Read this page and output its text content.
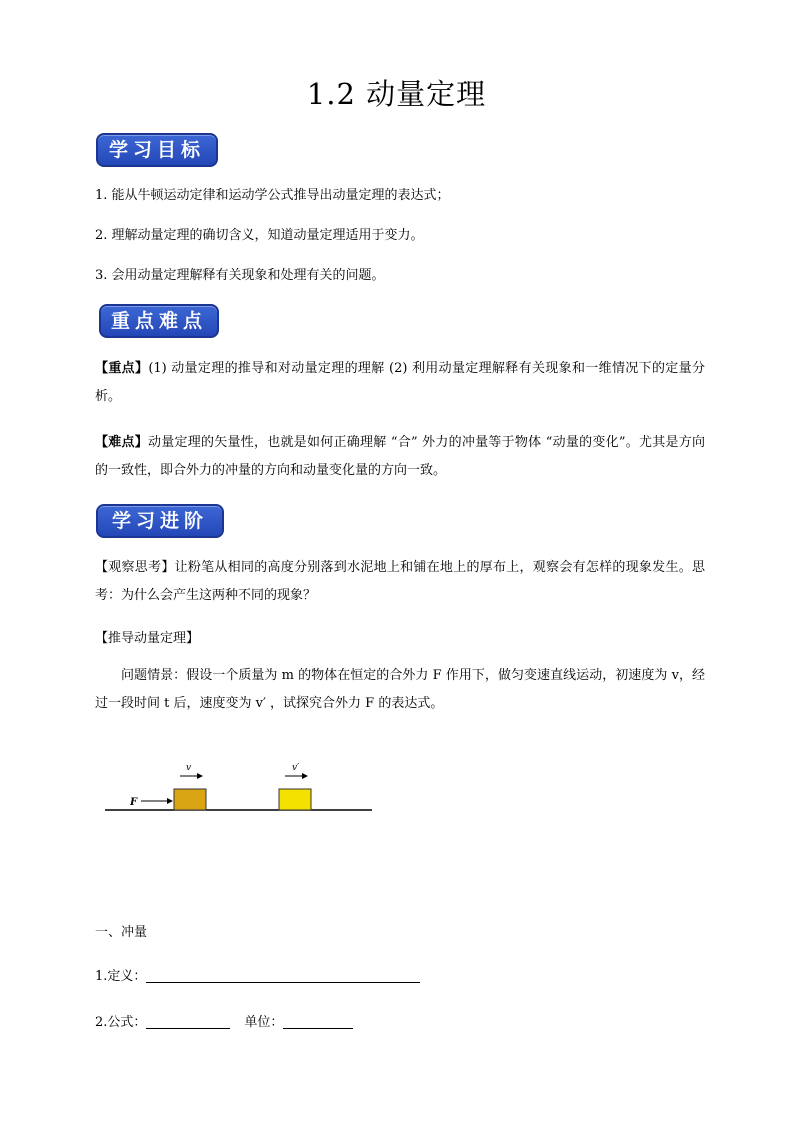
1.2 动量定理
学习目标
1. 能从牛顿运动定律和运动学公式推导出动量定理的表达式；
2. 理解动量定理的确切含义，知道动量定理适用于变力。
3. 会用动量定理解释有关现象和处理有关的问题。
重点难点
【重点】(1) 动量定理的推导和对动量定理的理解 (2) 利用动量定理解释有关现象和一维情况下的定量分析。
【难点】动量定理的矢量性，也就是如何正确理解 “合” 外力的冲量等于物体 “动量的变化”。尤其是方向的一致性，即合外力的冲量的方向和动量变化量的方向一致。
学习进阶
【观察思考】让粉笔从相同的高度分别落到水泥地上和铺在地上的厚布上，观察会有怎样的现象发生。思考：为什么会产生这两种不同的现象？
【推导动量定理】
问题情景：假设一个质量为 m 的物体在恒定的合外力 F 作用下，做匀变速直线运动，初速度为 v，经过一段时间 t 后，速度变为 v′ ，试探究合外力 F 的表达式。
F
v	v′
一、冲量
1.定义：
2.公式：	单位：
